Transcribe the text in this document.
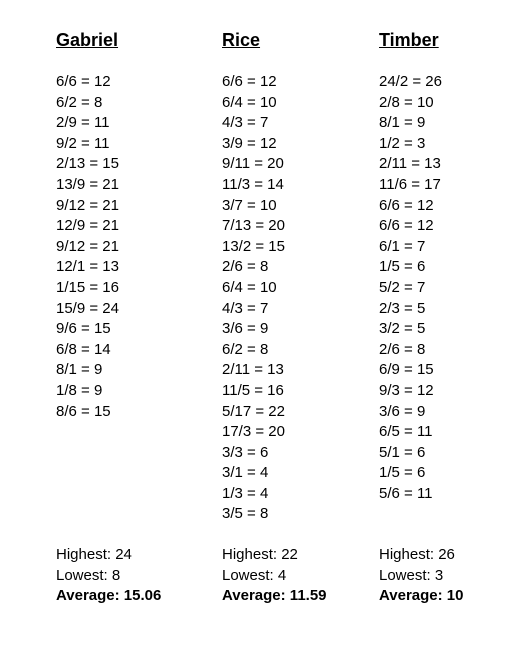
Gabriel
6/6 = 12
6/2 = 8
2/9 = 11
9/2 = 11
2/13 = 15
13/9 = 21
9/12 = 21
12/9 = 21
9/12 = 21
12/1 = 13
1/15 = 16
15/9 = 24
9/6 = 15
6/8 = 14
8/1 = 9
1/8 = 9
8/6 = 15
Rice
6/6 = 12
6/4 = 10
4/3 = 7
3/9 = 12
9/11 = 20
11/3 = 14
3/7 = 10
7/13 = 20
13/2 = 15
2/6 = 8
6/4 = 10
4/3 = 7
3/6 = 9
6/2 = 8
2/11 = 13
11/5 = 16
5/17 = 22
17/3 = 20
3/3 = 6
3/1 = 4
1/3 = 4
3/5 = 8
Timber
24/2 = 26
2/8 = 10
8/1 = 9
1/2 = 3
2/11 = 13
11/6 = 17
6/6 = 12
6/6 = 12
6/1 = 7
1/5 = 6
5/2 = 7
2/3 = 5
3/2 = 5
2/6 = 8
6/9 = 15
9/3 = 12
3/6 = 9
6/5 = 11
5/1 = 6
1/5 = 6
5/6 = 11
Highest: 24
Lowest: 8
Average: 15.06
Highest: 22
Lowest: 4
Average: 11.59
Highest: 26
Lowest: 3
Average: 10
